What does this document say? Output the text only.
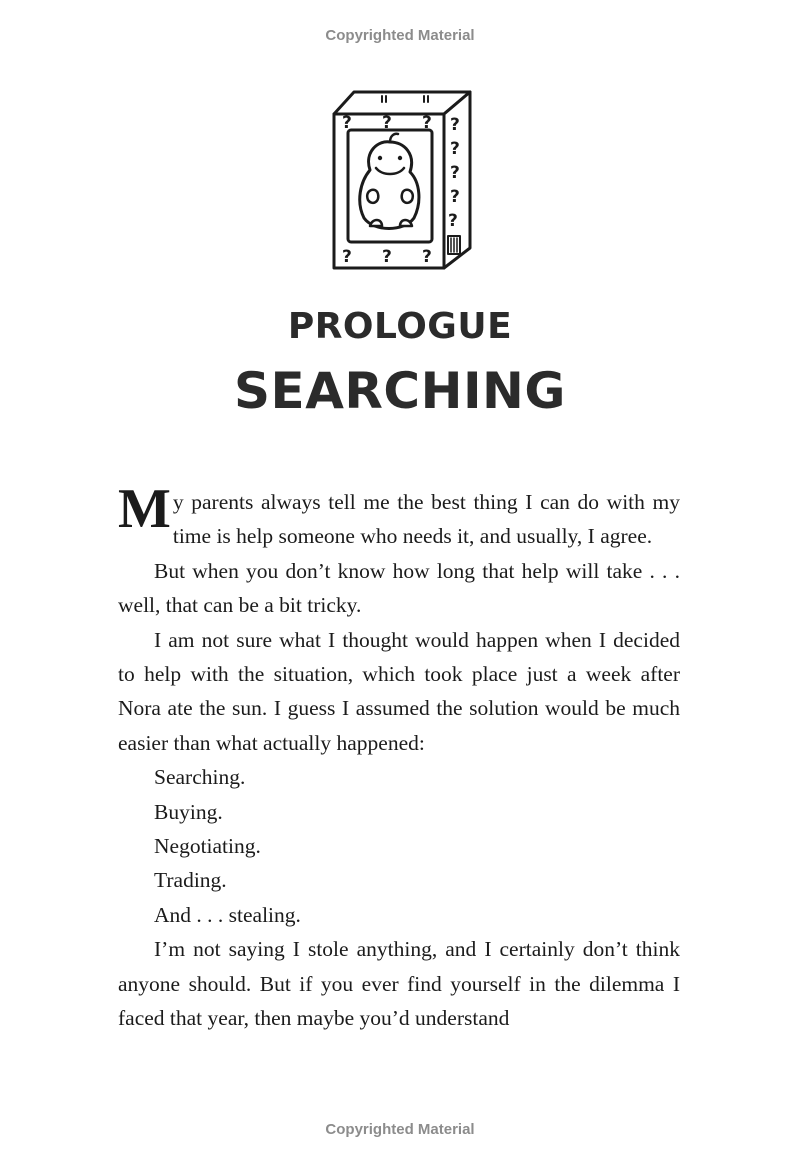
Copyrighted Material
? ? ?
? ? ?
?
?
?
?
?
PROLOGUE
SEARCHING

My parents always tell me the best thing I can do with my time is help someone who needs it, and usually, I agree.

But when you don’t know how long that help will take . . . well, that can be a bit tricky.

I am not sure what I thought would happen when I decided to help with the situation, which took place just a week after Nora ate the sun. I guess I assumed the solution would be much easier than what actually happened:

Searching.

Buying.

Negotiating.

Trading.

And . . . stealing.

I’m not saying I stole anything, and I certainly don’t think anyone should. But if you ever find yourself in the dilemma I faced that year, then maybe you’d understand

Copyrighted Material
